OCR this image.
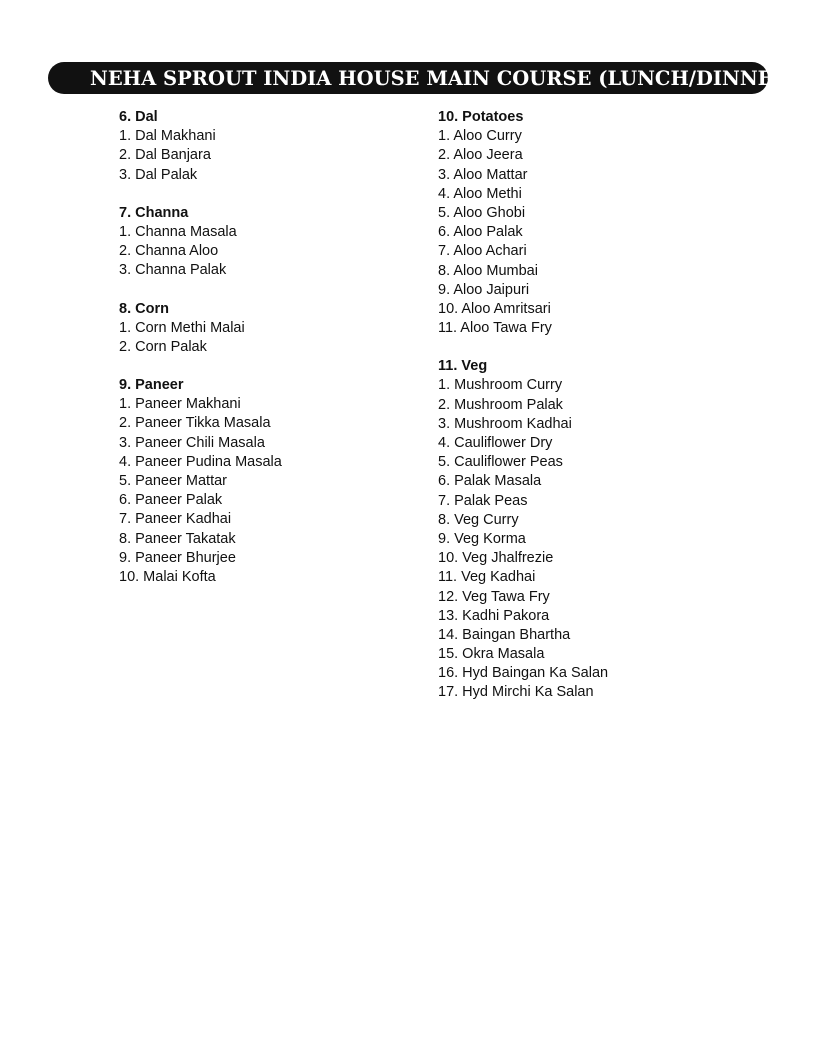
NEHA SPROUT INDIA HOUSE MAIN COURSE (LUNCH/DINNER)
6. Dal
1. Dal Makhani
2. Dal Banjara
3. Dal Palak
7. Channa
1. Channa Masala
2. Channa Aloo
3. Channa Palak
8. Corn
1. Corn Methi Malai
2. Corn Palak
9. Paneer
1. Paneer Makhani
2. Paneer Tikka Masala
3. Paneer Chili Masala
4. Paneer Pudina Masala
5. Paneer Mattar
6. Paneer Palak
7. Paneer Kadhai
8. Paneer Takatak
9. Paneer Bhurjee
10. Malai Kofta
10. Potatoes
1. Aloo Curry
2. Aloo Jeera
3. Aloo Mattar
4. Aloo Methi
5. Aloo Ghobi
6. Aloo Palak
7. Aloo Achari
8. Aloo Mumbai
9. Aloo Jaipuri
10. Aloo Amritsari
11. Aloo Tawa Fry
11. Veg
1. Mushroom Curry
2. Mushroom Palak
3. Mushroom Kadhai
4. Cauliflower Dry
5. Cauliflower Peas
6. Palak Masala
7. Palak Peas
8. Veg Curry
9. Veg Korma
10. Veg Jhalfrezie
11. Veg Kadhai
12. Veg Tawa Fry
13. Kadhi Pakora
14. Baingan Bhartha
15. Okra Masala
16. Hyd Baingan Ka Salan
17. Hyd Mirchi Ka Salan
